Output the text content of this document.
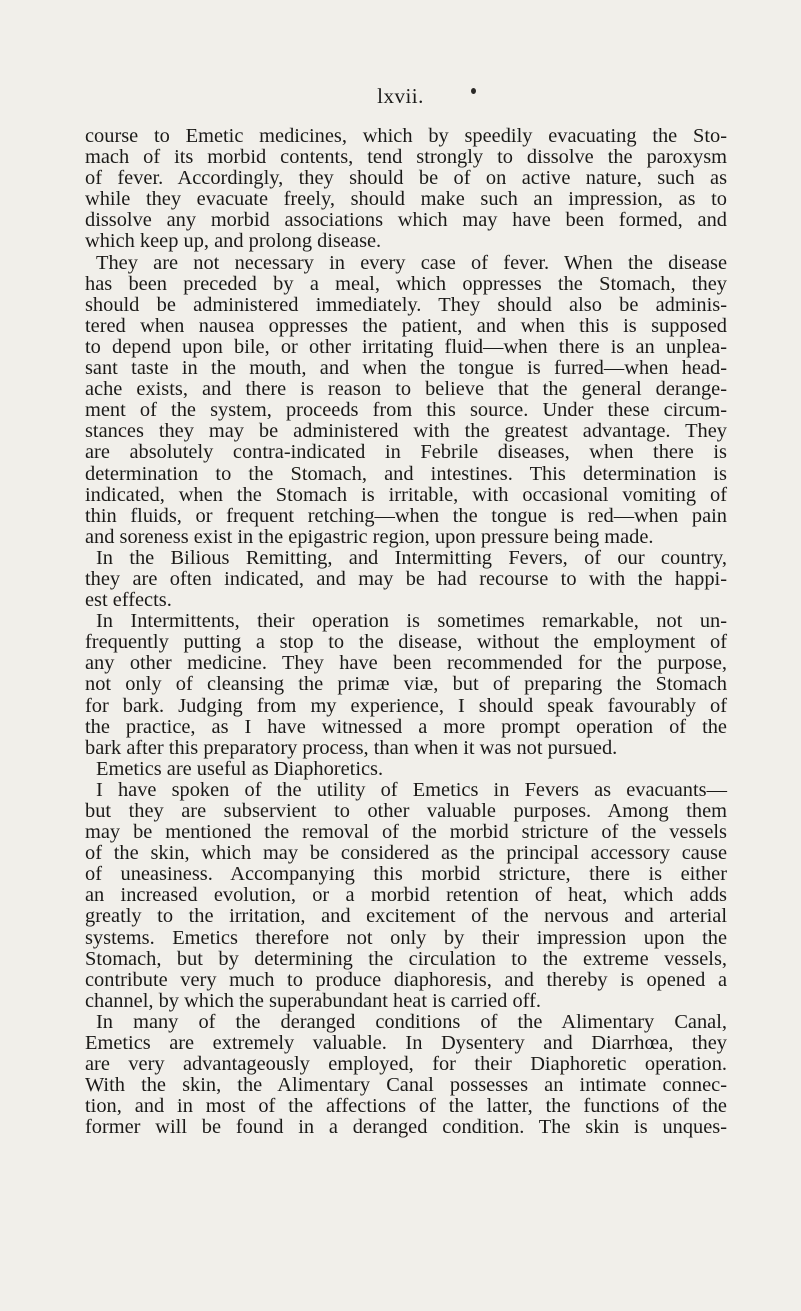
lxvii.
course to Emetic medicines, which by speedily evacuating the Sto-
mach of its morbid contents, tend strongly to dissolve the paroxysm
of fever. Accordingly, they should be of on active nature, such as
while they evacuate freely, should make such an impression, as to
dissolve any morbid associations which may have been formed, and
which keep up, and prolong disease.
They are not necessary in every case of fever. When the disease
has been preceded by a meal, which oppresses the Stomach, they
should be administered immediately. They should also be adminis-
tered when nausea oppresses the patient, and when this is supposed
to depend upon bile, or other irritating fluid—when there is an unplea-
sant taste in the mouth, and when the tongue is furred—when head-
ache exists, and there is reason to believe that the general derange-
ment of the system, proceeds from this source. Under these circum-
stances they may be administered with the greatest advantage. They
are absolutely contra-indicated in Febrile diseases, when there is
determination to the Stomach, and intestines. This determination is
indicated, when the Stomach is irritable, with occasional vomiting of
thin fluids, or frequent retching—when the tongue is red—when pain
and soreness exist in the epigastric region, upon pressure being made.
In the Bilious Remitting, and Intermitting Fevers, of our country,
they are often indicated, and may be had recourse to with the happi-
est effects.
In Intermittents, their operation is sometimes remarkable, not un-
frequently putting a stop to the disease, without the employment of
any other medicine. They have been recommended for the purpose,
not only of cleansing the primæ viæ, but of preparing the Stomach
for bark. Judging from my experience, I should speak favourably of
the practice, as I have witnessed a more prompt operation of the
bark after this preparatory process, than when it was not pursued.
Emetics are useful as Diaphoretics.
I have spoken of the utility of Emetics in Fevers as evacuants—
but they are subservient to other valuable purposes. Among them
may be mentioned the removal of the morbid stricture of the vessels
of the skin, which may be considered as the principal accessory cause
of uneasiness. Accompanying this morbid stricture, there is either
an increased evolution, or a morbid retention of heat, which adds
greatly to the irritation, and excitement of the nervous and arterial
systems. Emetics therefore not only by their impression upon the
Stomach, but by determining the circulation to the extreme vessels,
contribute very much to produce diaphoresis, and thereby is opened a
channel, by which the superabundant heat is carried off.
In many of the deranged conditions of the Alimentary Canal,
Emetics are extremely valuable. In Dysentery and Diarrhœa, they
are very advantageously employed, for their Diaphoretic operation.
With the skin, the Alimentary Canal possesses an intimate connec-
tion, and in most of the affections of the latter, the functions of the
former will be found in a deranged condition. The skin is unques-
